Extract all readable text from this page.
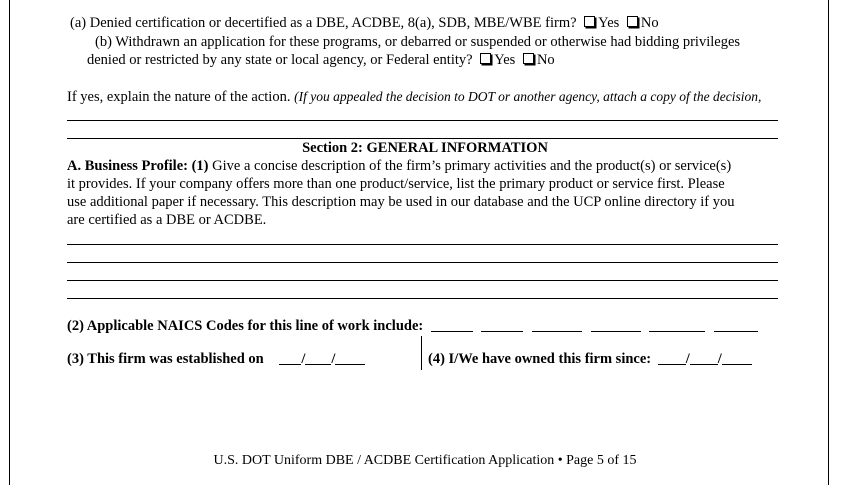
(a) Denied certification or decertified as a DBE, ACDBE, 8(a), SDB, MBE/WBE firm? Yes No
(b) Withdrawn an application for these programs, or debarred or suspended or otherwise had bidding privileges
denied or restricted by any state or local agency, or Federal entity? Yes No
If yes, explain the nature of the action. (If you appealed the decision to DOT or another agency, attach a copy of the decision,
Section 2: GENERAL INFORMATION
A. Business Profile: (1) Give a concise description of the firm’s primary activities and the product(s) or service(s)
it provides. If your company offers more than one product/service, list the primary product or service first. Please
use additional paper if necessary. This description may be used in our database and the UCP online directory if you
are certified as a DBE or ACDBE.
(2) Applicable NAICS Codes for this line of work include:
(3) This firm was established on	/ /	(4) I/We have owned this firm since: / /
U.S. DOT Uniform DBE / ACDBE Certification Application • Page 5 of 15
